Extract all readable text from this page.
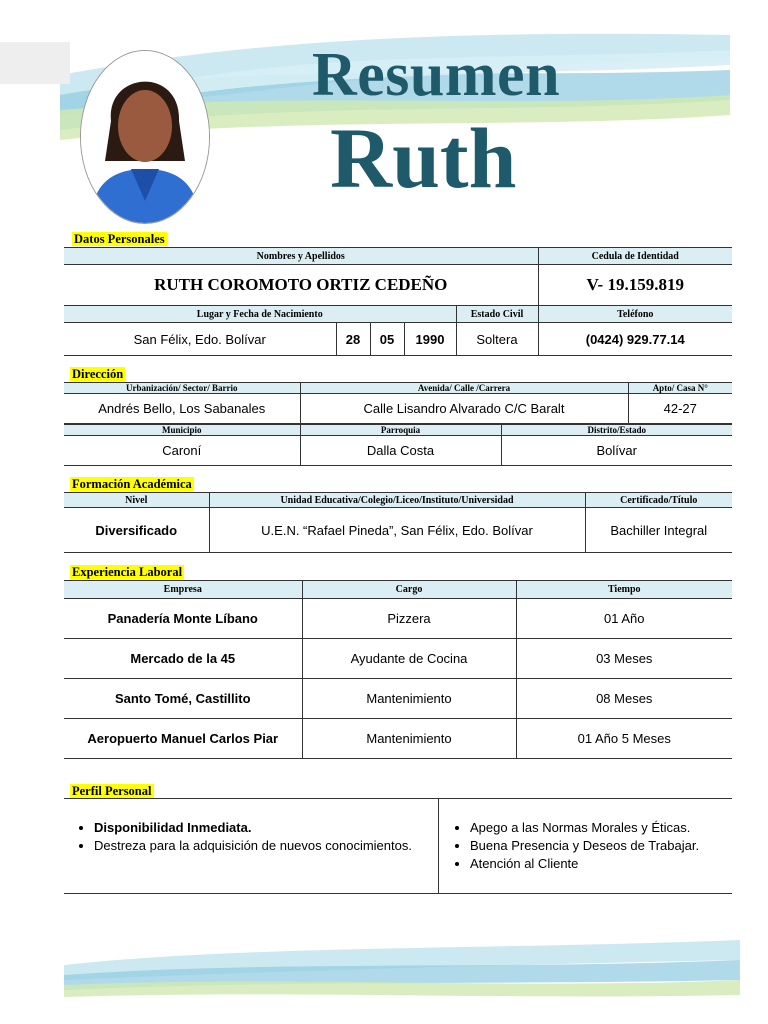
Resumen
Ruth
Datos Personales
Nombres y Apellidos					Cedula de Identidad
RUTH COROMOTO ORTIZ CEDEÑO					V- 19.159.819
Lugar y Fecha de Nacimiento				Estado Civil	Teléfono
San Félix, Edo. Bolívar	28	05	1990	Soltera	(0424) 929.77.14
Dirección
Urbanización/ Sector/ Barrio	Avenida/ Calle /Carrera	Apto/ Casa N°
Andrés Bello, Los Sabanales	Calle Lisandro Alvarado C/C Baralt	42-27
Municipio	Parroquia	Distrito/Estado
Caroní	Dalla Costa	Bolívar
Formación Académica
Nivel	Unidad Educativa/Colegio/Liceo/Instituto/Universidad	Certificado/Título
Diversificado	U.E.N. “Rafael Pineda”, San Félix, Edo. Bolívar	Bachiller Integral
Experiencia Laboral
Empresa	Cargo	Tiempo
Panadería Monte Líbano	Pizzera	01 Año
Mercado de la 45	Ayudante de Cocina	03 Meses
Santo Tomé, Castillito	Mantenimiento	08 Meses
Aeropuerto Manuel Carlos Piar	Mantenimiento	01 Año 5 Meses
Perfil Personal
• Disponibilidad Inmediata.
• Destreza para la adquisición de nuevos conocimientos.
• Apego a las Normas Morales y Éticas.
• Buena Presencia y Deseos de Trabajar.
• Atención al Cliente
